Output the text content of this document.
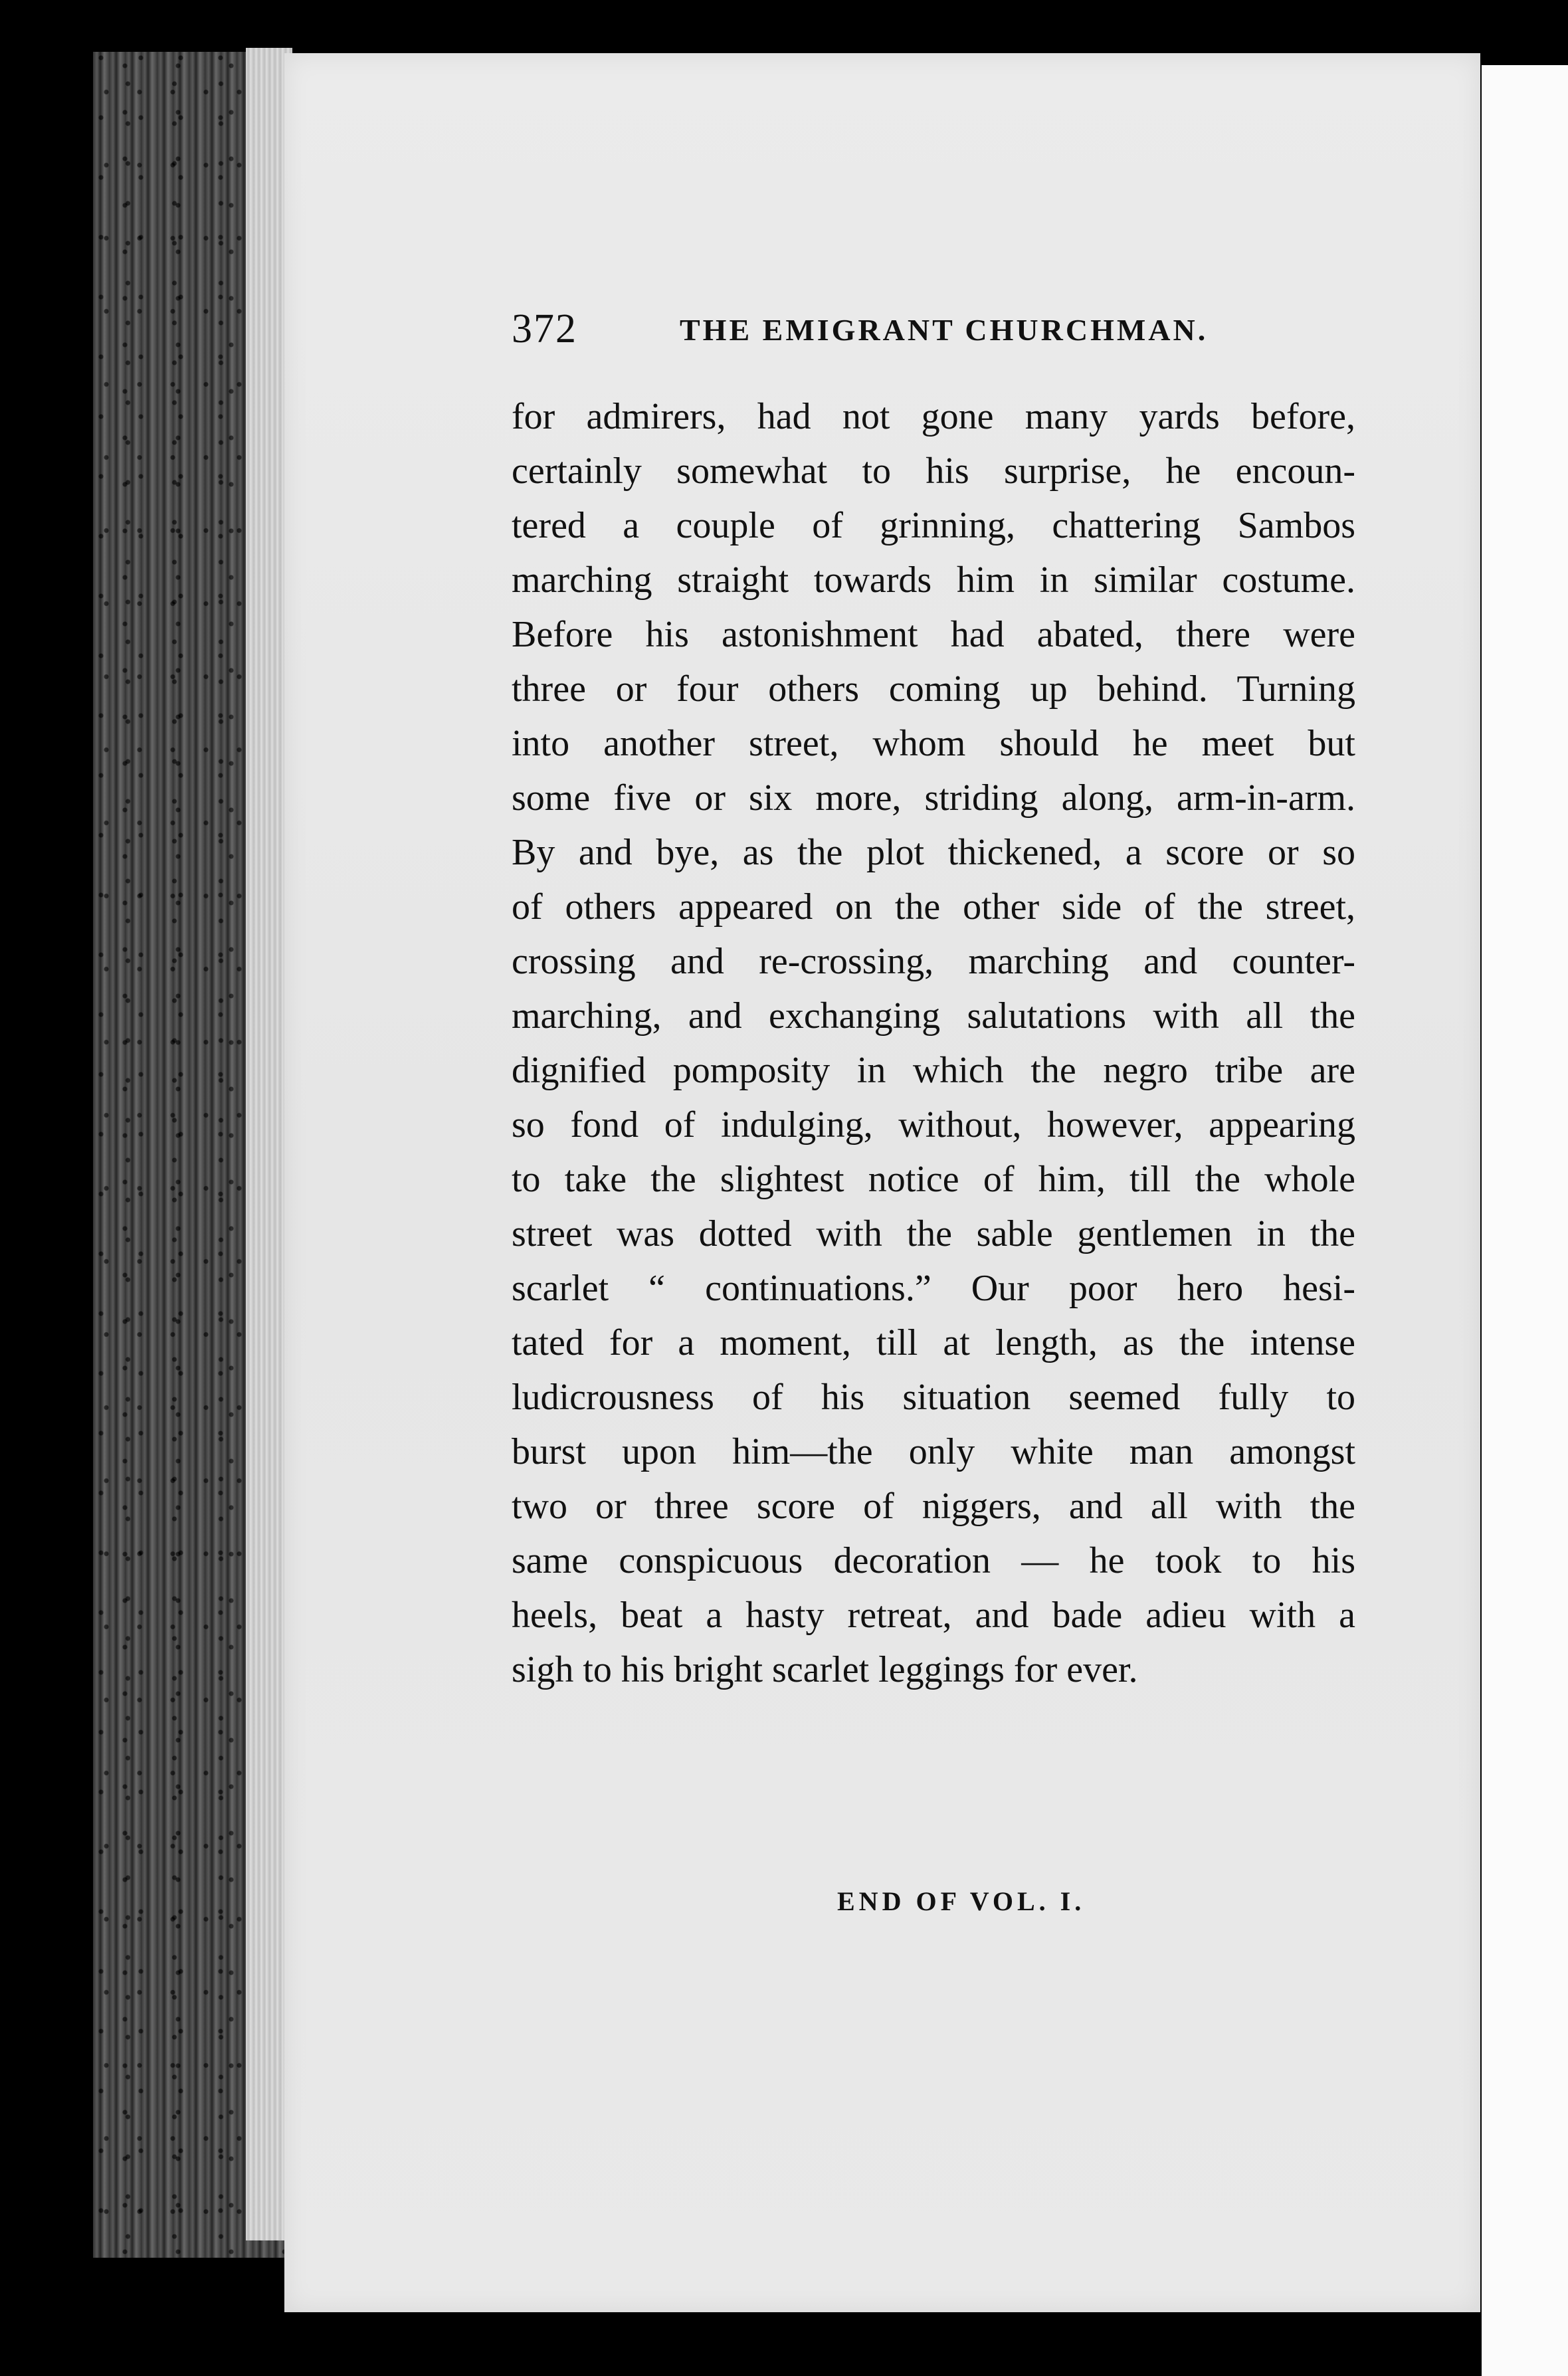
372	THE EMIGRANT CHURCHMAN.
for admirers, had not gone many yards before,
certainly somewhat to his surprise, he encoun-
tered a couple of grinning, chattering Sambos
marching straight towards him in similar costume.
Before his astonishment had abated, there were
three or four others coming up behind. Turning
into another street, whom should he meet but
some five or six more, striding along, arm-in-arm.
By and bye, as the plot thickened, a score or so
of others appeared on the other side of the street,
crossing and re-crossing, marching and counter-
marching, and exchanging salutations with all the
dignified pomposity in which the negro tribe are
so fond of indulging, without, however, appearing
to take the slightest notice of him, till the whole
street was dotted with the sable gentlemen in the
scarlet “ continuations.” Our poor hero hesi-
tated for a moment, till at length, as the intense
ludicrousness of his situation seemed fully to
burst upon him—the only white man amongst
two or three score of niggers, and all with the
same conspicuous decoration — he took to his
heels, beat a hasty retreat, and bade adieu with a
sigh to his bright scarlet leggings for ever.
END OF VOL. I.
